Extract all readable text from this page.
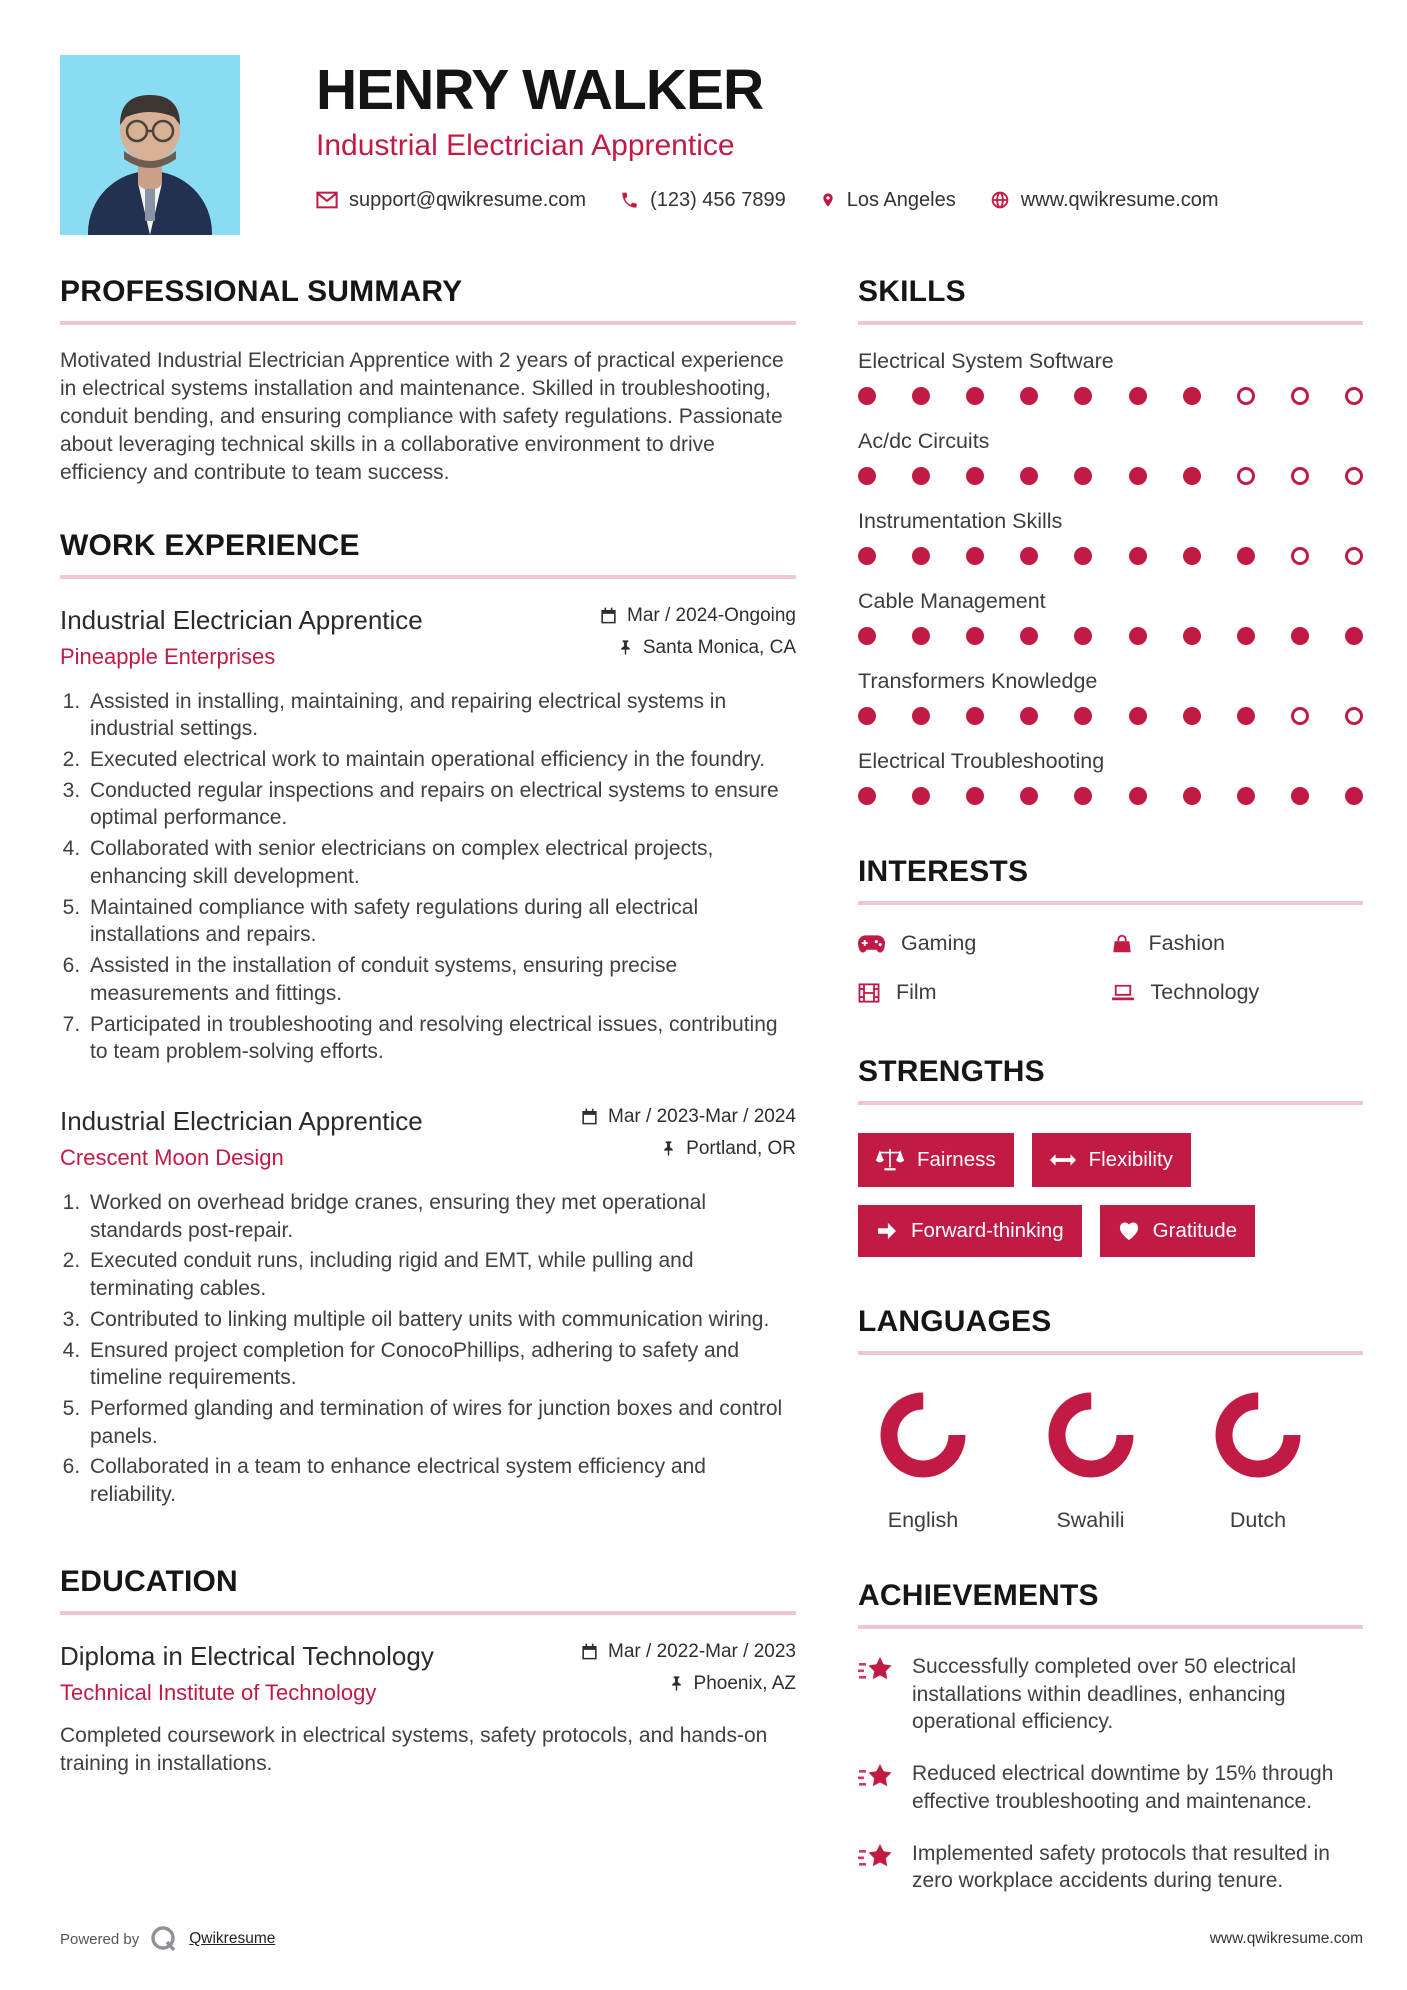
HENRY WALKER
Industrial Electrician Apprentice
support@qwikresume.com	(123) 456 7899	Los Angeles	www.qwikresume.com
PROFESSIONAL SUMMARY

Motivated Industrial Electrician Apprentice with 2 years of practical experience in electrical systems installation and maintenance. Skilled in troubleshooting, conduit bending, and ensuring compliance with safety regulations. Passionate about leveraging technical skills in a collaborative environment to drive efficiency and contribute to team success.

WORK EXPERIENCE
Industrial Electrician Apprentice
Pineapple Enterprises
Mar / 2024-Ongoing
Santa Monica, CA
1. Assisted in installing, maintaining, and repairing electrical systems in industrial settings.
2. Executed electrical work to maintain operational efficiency in the foundry.
3. Conducted regular inspections and repairs on electrical systems to ensure optimal performance.
4. Collaborated with senior electricians on complex electrical projects, enhancing skill development.
5. Maintained compliance with safety regulations during all electrical installations and repairs.
6. Assisted in the installation of conduit systems, ensuring precise measurements and fittings.
7. Participated in troubleshooting and resolving electrical issues, contributing to team problem-solving efforts.
Industrial Electrician Apprentice
Crescent Moon Design
Mar / 2023-Mar / 2024
Portland, OR
1. Worked on overhead bridge cranes, ensuring they met operational standards post-repair.
2. Executed conduit runs, including rigid and EMT, while pulling and terminating cables.
3. Contributed to linking multiple oil battery units with communication wiring.
4. Ensured project completion for ConocoPhillips, adhering to safety and timeline requirements.
5. Performed glanding and termination of wires for junction boxes and control panels.
6. Collaborated in a team to enhance electrical system efficiency and reliability.
EDUCATION
Diploma in Electrical Technology
Technical Institute of Technology
Mar / 2022-Mar / 2023
Phoenix, AZ

Completed coursework in electrical systems, safety protocols, and hands-on training in installations.

SKILLS
Electrical System Software
Ac/dc Circuits
Instrumentation Skills
Cable Management
Transformers Knowledge
Electrical Troubleshooting
INTERESTS
Gaming	Fashion
Film	Technology
STRENGTHS
Fairness	Flexibility
Forward-thinking	Gratitude
LANGUAGES
English	Swahili	Dutch
ACHIEVEMENTS
Successfully completed over 50 electrical installations within deadlines, enhancing operational efficiency.
Reduced electrical downtime by 15% through effective troubleshooting and maintenance.
Implemented safety protocols that resulted in zero workplace accidents during tenure.
Powered by	Qwikresume	www.qwikresume.com
